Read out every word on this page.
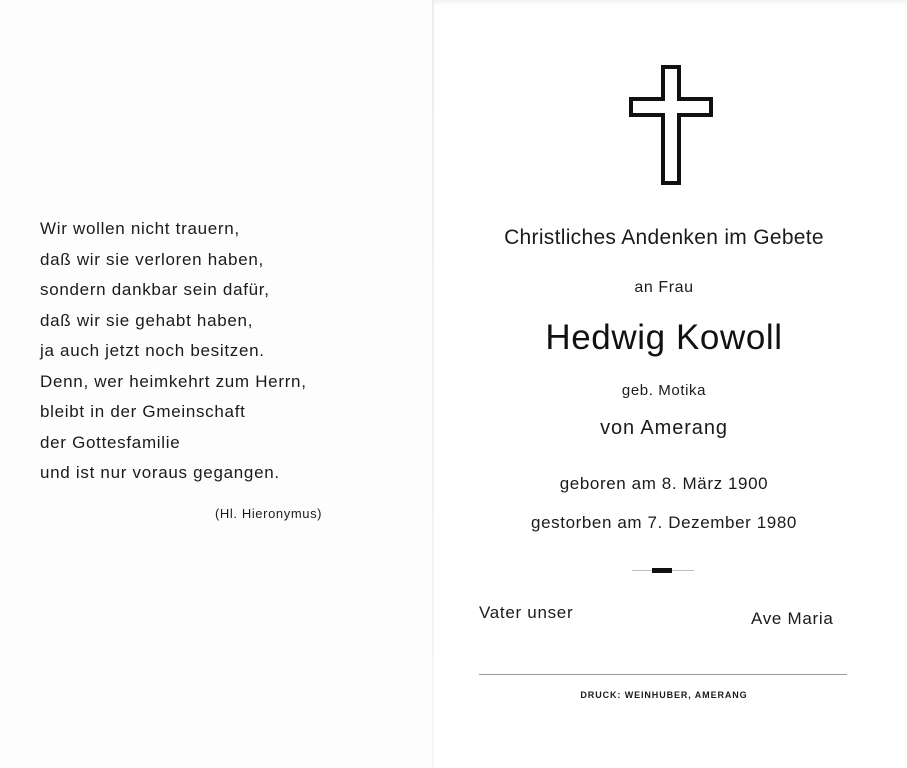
Wir wollen nicht trauern,
daß wir sie verloren haben,
sondern dankbar sein dafür,
daß wir sie gehabt haben,
ja auch jetzt noch besitzen.
Denn, wer heimkehrt zum Herrn,
bleibt in der Gmeinschaft
der Gottesfamilie
und ist nur voraus gegangen.
(Hl. Hieronymus)
Christliches Andenken im Gebete
an Frau
Hedwig Kowoll
geb. Motika
von Amerang
geboren am 8. März 1900
gestorben am 7. Dezember 1980
Vater unser	Ave Maria
DRUCK: WEINHUBER, AMERANG
